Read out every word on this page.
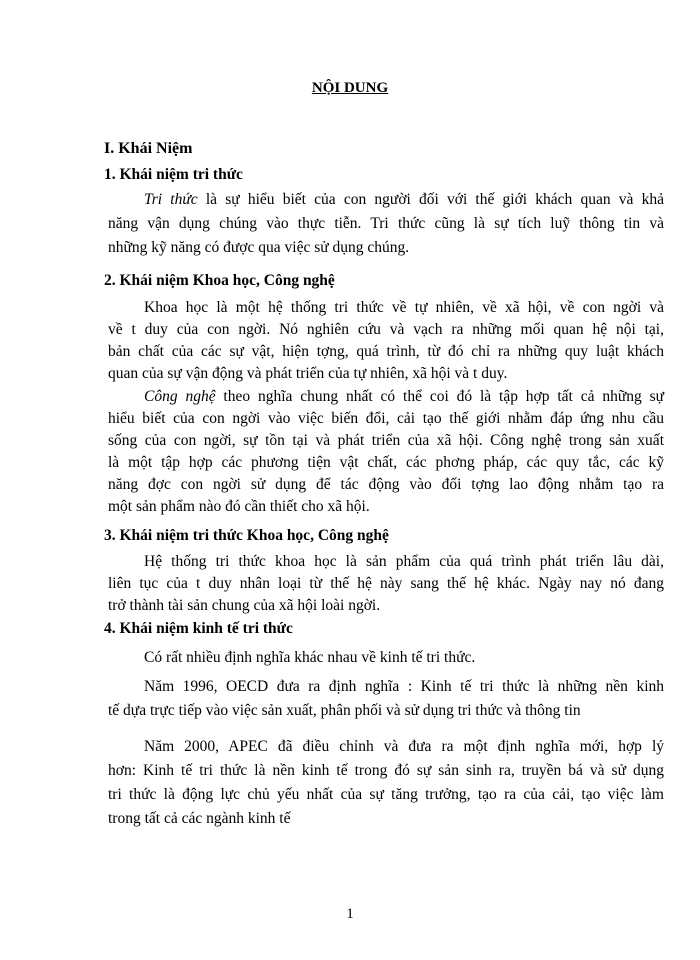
NỘI DUNG
I. Khái Niệm
1. Khái niệm tri thức
Tri thức là sự hiểu biết của con người đối với thế giới khách quan và khả
năng vận dụng chúng vào thực tiễn. Tri thức cũng là sự tích luỹ thông tin và
những kỹ năng có được qua việc sử dụng chúng.
2. Khái niệm Khoa học, Công nghệ
Khoa học là một hệ thống tri thức về tự nhiên, về xã hội, về con ngời và
về t duy của con ngời. Nó nghiên cứu và vạch ra những mối quan hệ nội tại,
bản chất của các sự vật, hiện tợng, quá trình, từ đó chỉ ra những quy luật khách
quan của sự vận động và phát triển của tự nhiên, xã hội và t duy.
Công nghệ theo nghĩa chung nhất có thể coi đó là tập hợp tất cả những sự
hiểu biết của con ngời vào việc biến đổi, cải tạo thế giới nhằm đáp ứng nhu cầu
sống của con ngời, sự tồn tại và phát triển của xã hội. Công nghệ trong sản xuất
là một tập hợp các phương tiện vật chất, các phơng pháp, các quy tắc, các kỹ
năng đợc con ngời sử dụng để tác động vào đối tợng lao động nhằm tạo ra
một sản phẩm nào đó cần thiết cho xã hội.
3. Khái niệm tri thức Khoa học, Công nghệ
Hệ thống tri thức khoa học là sản phẩm của quá trình phát triển lâu dài,
liên tục của t duy nhân loại từ thế hệ này sang thế hệ khác. Ngày nay nó đang
trở thành tài sản chung của xã hội loài ngời.
4. Khái niệm kinh tế tri thức
Có rất nhiều định nghĩa khác nhau về kinh tế tri thức.
Năm 1996, OECD đưa ra định nghĩa : Kinh tế tri thức là những nền kinh
tế dựa trực tiếp vào việc sản xuất, phân phối và sử dụng tri thức và thông tin
Năm 2000, APEC đã điều chỉnh và đưa ra một định nghĩa mới, hợp lý
hơn: Kinh tế tri thức là nền kinh tế trong đó sự sản sinh ra, truyền bá và sử dụng
tri thức là động lực chủ yếu nhất của sự tăng trưởng, tạo ra của cải, tạo việc làm
trong tất cả các ngành kinh tế
1
